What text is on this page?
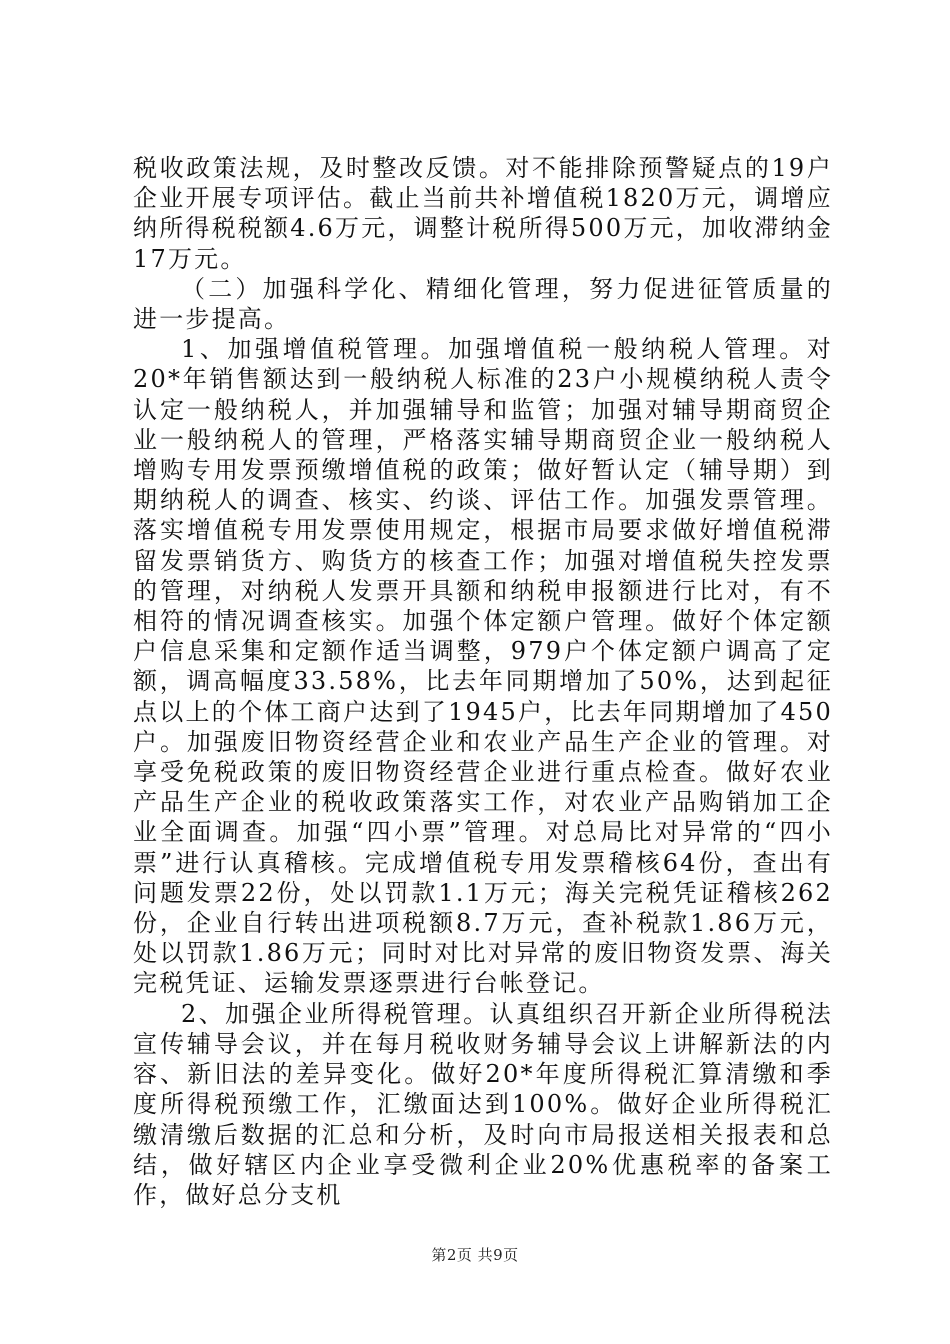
税收政策法规，及时整改反馈。对不能排除预警疑点的19户企业开展专项评估。截止当前共补增值税1820万元，调增应纳所得税税额4.6万元，调整计税所得500万元，加收滞纳金17万元。

（二）加强科学化、精细化管理，努力促进征管质量的进一步提高。

1、加强增值税管理。加强增值税一般纳税人管理。对20*年销售额达到一般纳税人标准的23户小规模纳税人责令认定一般纳税人，并加强辅导和监管；加强对辅导期商贸企业一般纳税人的管理，严格落实辅导期商贸企业一般纳税人增购专用发票预缴增值税的政策；做好暂认定（辅导期）到期纳税人的调查、核实、约谈、评估工作。加强发票管理。落实增值税专用发票使用规定，根据市局要求做好增值税滞留发票销货方、购货方的核查工作；加强对增值税失控发票的管理，对纳税人发票开具额和纳税申报额进行比对，有不相符的情况调查核实。加强个体定额户管理。做好个体定额户信息采集和定额作适当调整，979户个体定额户调高了定额，调高幅度33.58%，比去年同期增加了50%，达到起征点以上的个体工商户达到了1945户，比去年同期增加了450户。加强废旧物资经营企业和农业产品生产企业的管理。对享受免税政策的废旧物资经营企业进行重点检查。做好农业产品生产企业的税收政策落实工作，对农业产品购销加工企业全面调查。加强“四小票”管理。对总局比对异常的“四小票”进行认真稽核。完成增值税专用发票稽核64份，查出有问题发票22份，处以罚款1.1万元；海关完税凭证稽核262份，企业自行转出进项税额8.7万元，查补税款1.86万元，处以罚款1.86万元；同时对比对异常的废旧物资发票、海关完税凭证、运输发票逐票进行台帐登记。

2、加强企业所得税管理。认真组织召开新企业所得税法宣传辅导会议，并在每月税收财务辅导会议上讲解新法的内容、新旧法的差异变化。做好20*年度所得税汇算清缴和季度所得税预缴工作，汇缴面达到100%。做好企业所得税汇缴清缴后数据的汇总和分析，及时向市局报送相关报表和总结，做好辖区内企业享受微利企业20%优惠税率的备案工作，做好总分支机

第2页 共9页
